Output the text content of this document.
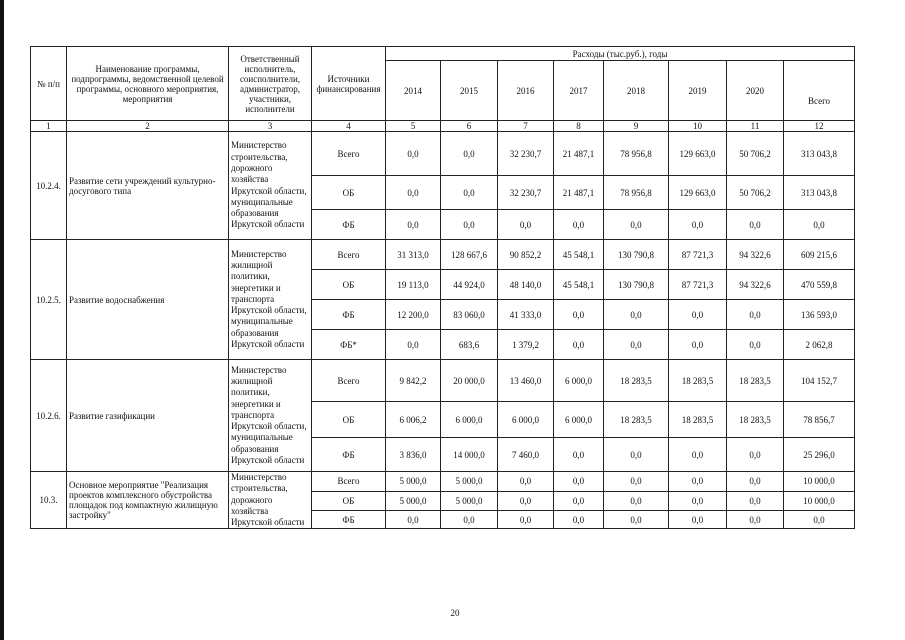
№ п/п	Наименование программы, подпрограммы, ведомственной целевой программы, основного мероприятия, мероприятия	Ответственный исполнитель, соисполнители, администратор, участники, исполнители	Источники финансирования	Расходы (тыс.руб.), годы							
				2014	2015	2016	2017	2018	2019	2020	Всего
1	2	3	4	5	6	7	8	9	10	11	12
10.2.4.	Развитие сети учреждений культурно-досугового типа	Министерство строительства, дорожного хозяйства Иркутской области, муниципальные образования Иркутской области	Всего	0,0	0,0	32 230,7	21 487,1	78 956,8	129 663,0	50 706,2	313 043,8
			ОБ	0,0	0,0	32 230,7	21 487,1	78 956,8	129 663,0	50 706,2	313 043,8
			ФБ	0,0	0,0	0,0	0,0	0,0	0,0	0,0	0,0
10.2.5.	Развитие водоснабжения	Министерство жилищной политики, энергетики и транспорта Иркутской области, муниципальные образования Иркутской области	Всего	31 313,0	128 667,6	90 852,2	45 548,1	130 790,8	87 721,3	94 322,6	609 215,6
			ОБ	19 113,0	44 924,0	48 140,0	45 548,1	130 790,8	87 721,3	94 322,6	470 559,8
			ФБ	12 200,0	83 060,0	41 333,0	0,0	0,0	0,0	0,0	136 593,0
			ФБ*	0,0	683,6	1 379,2	0,0	0,0	0,0	0,0	2 062,8
10.2.6.	Развитие газификации	Министерство жилищной политики, энергетики и транспорта Иркутской области, муниципальные образования Иркутской области	Всего	9 842,2	20 000,0	13 460,0	6 000,0	18 283,5	18 283,5	18 283,5	104 152,7
			ОБ	6 006,2	6 000,0	6 000,0	6 000,0	18 283,5	18 283,5	18 283,5	78 856,7
			ФБ	3 836,0	14 000,0	7 460,0	0,0	0,0	0,0	0,0	25 296,0
10.3.	Основное мероприятие "Реализация проектов комплексного обустройства площадок под компактную жилищную застройку"	Министерство строительства, дорожного хозяйства Иркутской области	Всего	5 000,0	5 000,0	0,0	0,0	0,0	0,0	0,0	10 000,0
			ОБ	5 000,0	5 000,0	0,0	0,0	0,0	0,0	0,0	10 000,0
			ФБ	0,0	0,0	0,0	0,0	0,0	0,0	0,0	0,0
20
